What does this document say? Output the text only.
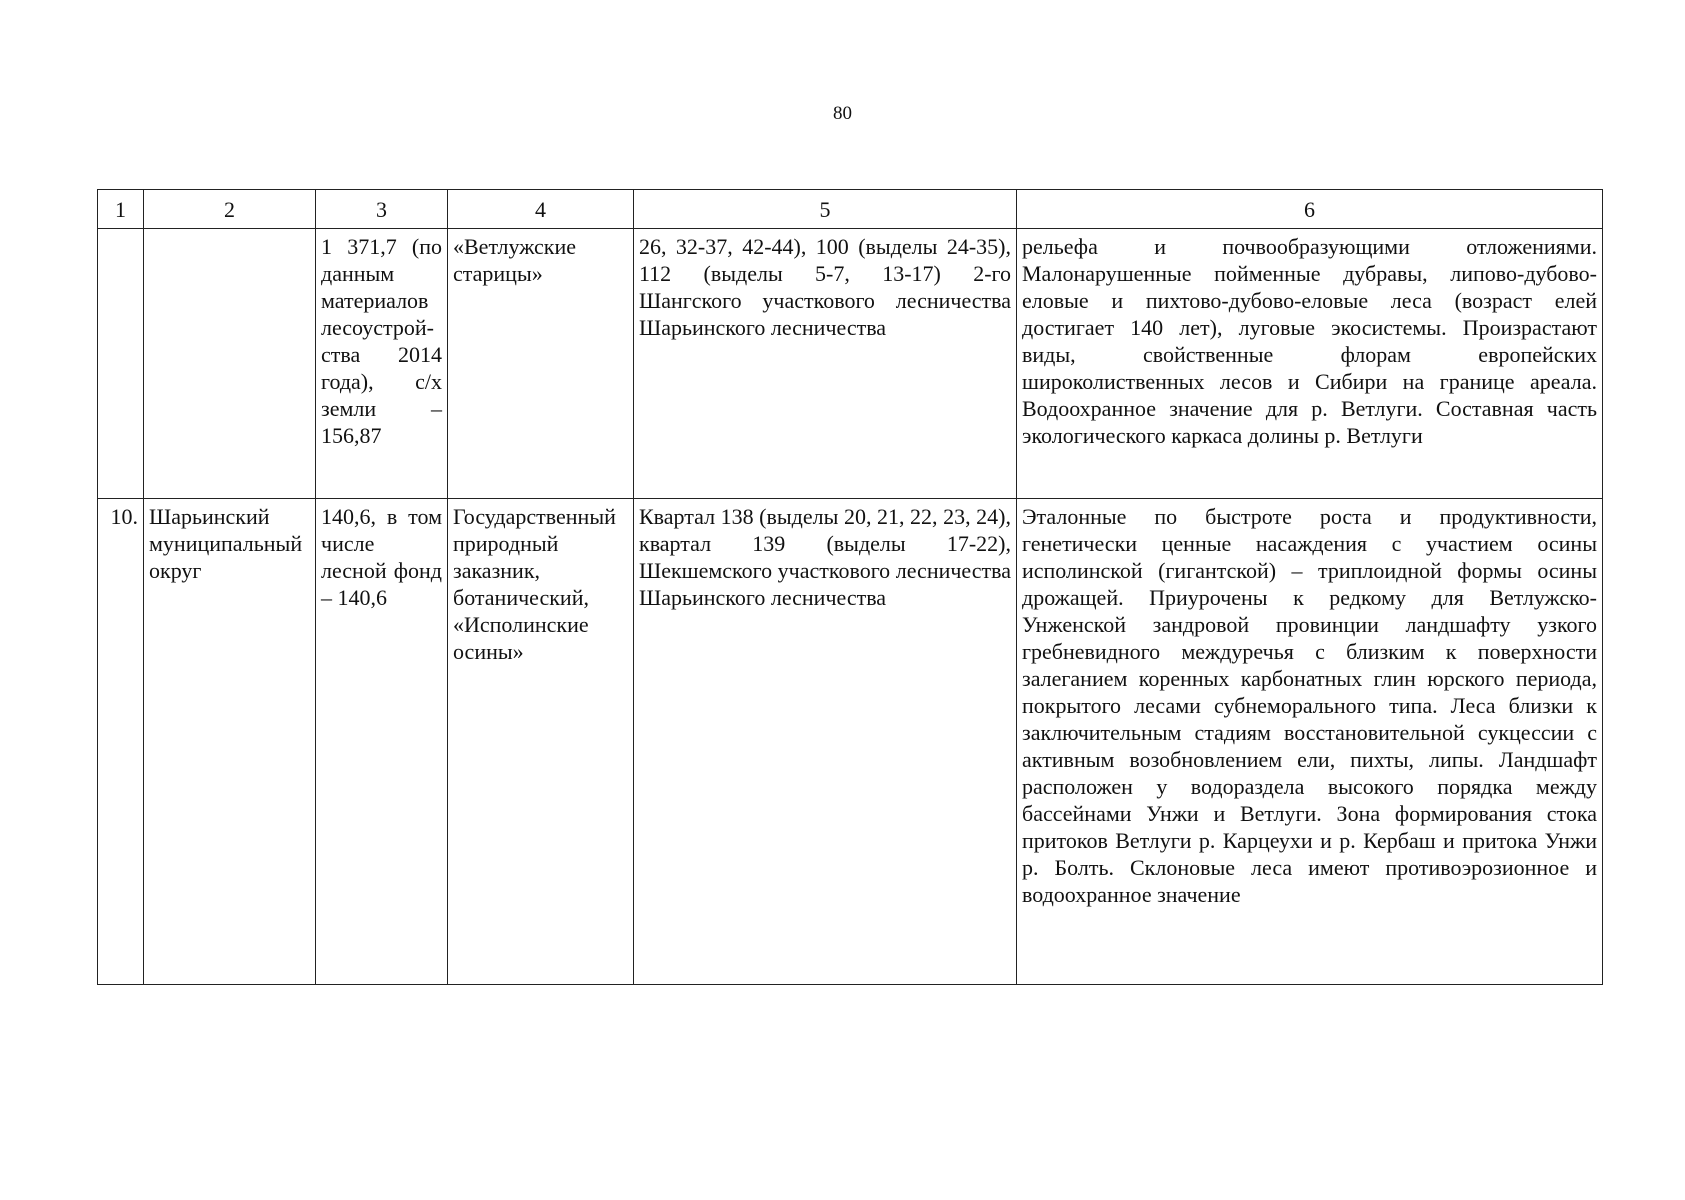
80
1	2	3	4	5	6
		1 371,7 (по данным материалов лесоустрой-ства 2014 года), с/х земли – 156,87	«Ветлужские старицы»	26, 32-37, 42-44), 100 (выделы 24-35), 112 (выделы 5-7, 13-17) 2-го Шангского участкового лесничества Шарьинского лесничества	рельефа и почвообразующими отложениями. Малонарушенные пойменные дубравы, липово-дубово-еловые и пихтово-дубово-еловые леса (возраст елей достигает 140 лет), луговые экосистемы. Произрастают виды, свойственные флорам европейских широколиственных лесов и Сибири на границе ареала. Водоохранное значение для р. Ветлуги. Составная часть экологического каркаса долины р. Ветлуги
10.	Шарьинский муниципальный округ	140,6, в том числе лесной фонд – 140,6	Государственный природный заказник, ботанический, «Исполинские осины»	Квартал 138 (выделы 20, 21, 22, 23, 24), квартал 139 (выделы 17-22), Шекшемского участкового лесничества Шарьинского лесничества	Эталонные по быстроте роста и продуктивности, генетически ценные насаждения с участием осины исполинской (гигантской) – триплоидной формы осины дрожащей. Приурочены к редкому для Ветлужско-Унженской зандровой провинции ландшафту узкого гребневидного междуречья с близким к поверхности залеганием коренных карбонатных глин юрского периода, покрытого лесами субнеморального типа. Леса близки к заключительным стадиям восстановительной сукцессии с активным возобновлением ели, пихты, липы. Ландшафт расположен у водораздела высокого порядка между бассейнами Унжи и Ветлуги. Зона формирования стока притоков Ветлуги р. Карцеухи и р. Кербаш и притока Унжи р. Болть. Склоновые леса имеют противоэрозионное и водоохранное значение
